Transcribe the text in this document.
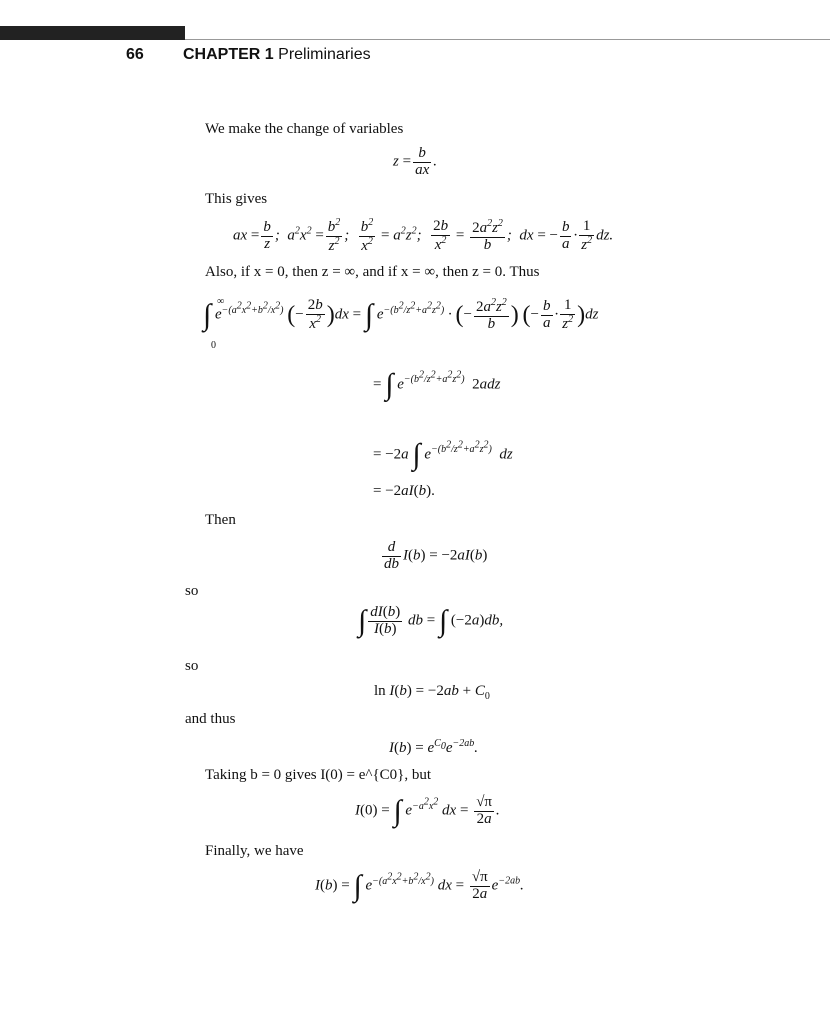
66 CHAPTER 1 Preliminaries
We make the change of variables
$z = \frac{b}{ax}$ .
This gives
ax = $\frac{b}{z}$ ;  $a^2x^2 = \frac{b^2}{z^2}$ ; $\frac{b^2}{x^2} = a^2z^2$; $\frac{2b}{x^2} = \frac{2a^2z^2}{b}$ ;  dx = − $\frac{b}{a} \cdot \frac{1}{z^2}$ dz.
Also, if x = 0, then z = ∞, and if x = ∞, then z = 0. Thus
∫ $e^{-(a^2x^2+b^2/x^2)}$ (− $\frac{2b}{x^2} )dx$ = ∫ $e^{-(b^2/z^2+a^2z^2)}$ · (− $\frac{2a^2z^2}{b}$ ) (− $\frac{b}{a} \cdot \frac{1}{z^2} )dz$
∞
0
= ∫ $e^{-(b^2/z^2+a^2z^2)}$ 2adz
= −2a ∫ $e^{-(b^2/z^2+a^2z^2)}$  dz
= −2aI(b).
Then
$\frac{d}{db} I(b) = -2aI(b)$
so
∫ $\frac{dI(b)}{I(b)}$ db = ∫ (−2a)db,
so
$\ln I(b) = -2ab + C_0$
and thus
$I(b) = e^{C_0}e^{-2ab}$.
Taking b = 0 gives I(0) = e^{C0}, but
I(0) = ∫ $e^{-a^2x^2}$ dx = $\frac{√\pi}{2a}$ .
Finally, we have
I(b) = ∫ $e^{-(a^2x^2+b^2/x^2)}$ dx = $\frac{√\pi}{2a} e^{-2ab}$.
